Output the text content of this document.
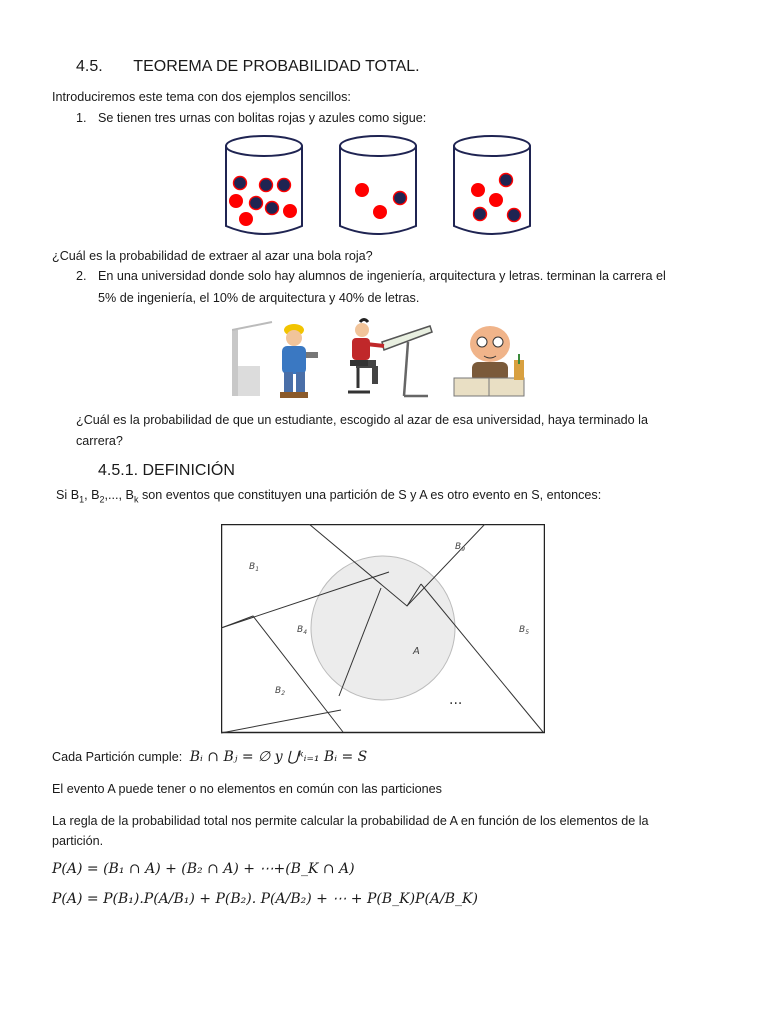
4.5. TEOREMA DE PROBABILIDAD TOTAL.
Introduciremos este tema con dos ejemplos sencillos:
1. Se tienen tres urnas con bolitas rojas y azules como sigue:
¿Cuál es la probabilidad de extraer al azar una bola roja?
2. En una universidad donde solo hay alumnos de ingeniería, arquitectura y letras. terminan la carrera el
5% de ingeniería, el 10% de arquitectura y 40% de letras.
¿Cuál es la probabilidad de que un estudiante, escogido al azar de esa universidad, haya terminado la
carrera?
4.5.1. DEFINICIÓN
Si $B_1$, $B_2$,..., $B_k$ son eventos que constituyen una partición de S y A es otro evento en S, entonces:
$B_1$
$B_9$
$B_4$	$B_5$
$B_2$
A
...
Cada Partición cumple: Bᵢ ∩ Bⱼ = ∅ y ⋃ᵏᵢ₌₁ Bᵢ = S
El evento A puede tener o no elementos en común con las particiones
La regla de la probabilidad total nos permite calcular la probabilidad de A en función de los elementos de la
partición.
P(A) = (B₁ ∩ A) + (B₂ ∩ A) + ⋯+(B_K ∩ A)
P(A) = P(B₁).P(A/B₁) + P(B₂). P(A/B₂) + ⋯ + P(B_K)P(A/B_K)
